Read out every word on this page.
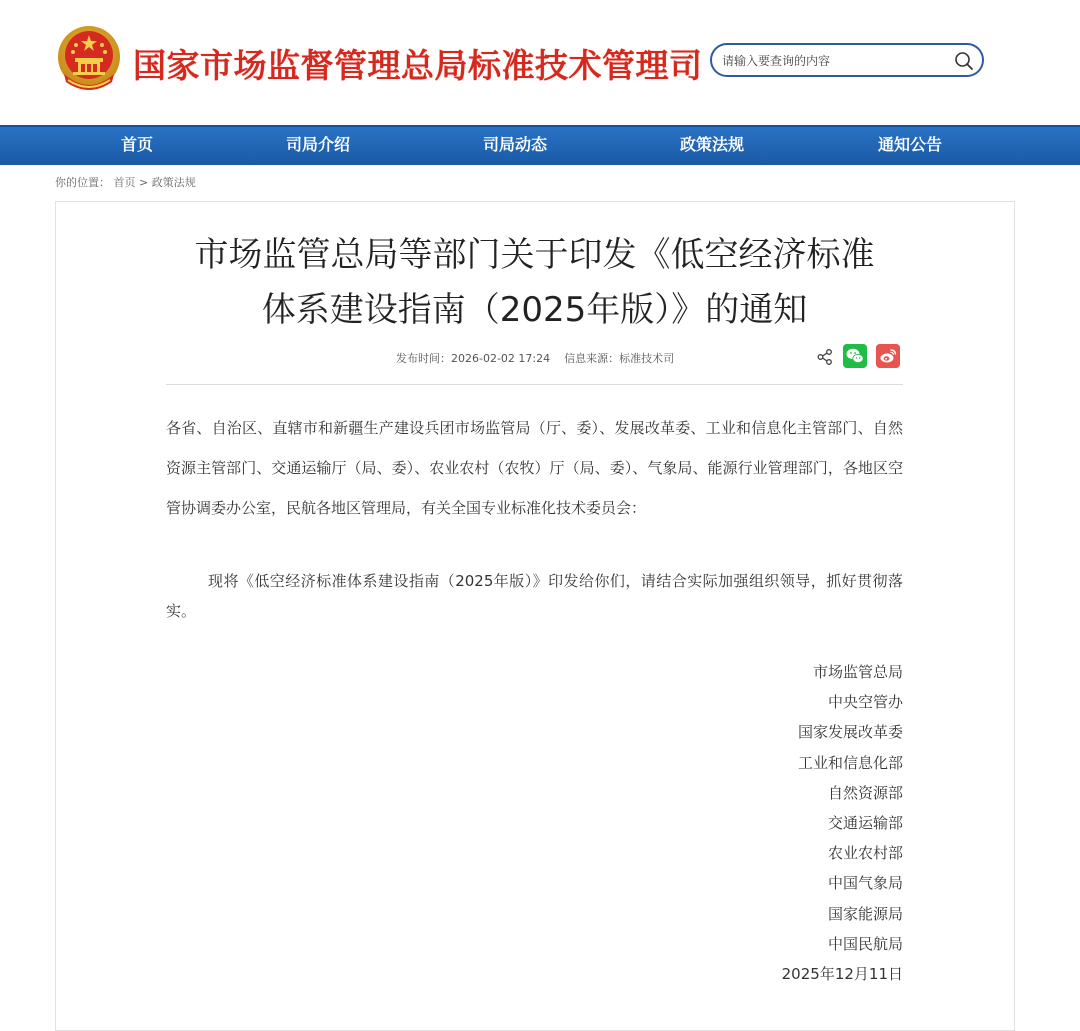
国家市场监督管理总局标准技术管理司
请输入要查询的内容
首页	司局介绍	司局动态	政策法规	通知公告
你的位置： 首页 > 政策法规
市场监管总局等部门关于印发《低空经济标准
体系建设指南（2025年版）》的通知
发布时间：2026-02-02 17:24 信息来源：标准技术司
各省、自治区、直辖市和新疆生产建设兵团市场监管局（厅、委）、发展改革委、工业和信息化主管部门、自然资源主管部门、交通运输厅（局、委）、农业农村（农牧）厅（局、委）、气象局、能源行业管理部门，各地区空管协调委办公室，民航各地区管理局，有关全国专业标准化技术委员会：
现将《低空经济标准体系建设指南（2025年版）》印发给你们，请结合实际加强组织领导，抓好贯彻落实。
市场监管总局
中央空管办
国家发展改革委
工业和信息化部
自然资源部
交通运输部
农业农村部
中国气象局
国家能源局
中国民航局
2025年12月11日
